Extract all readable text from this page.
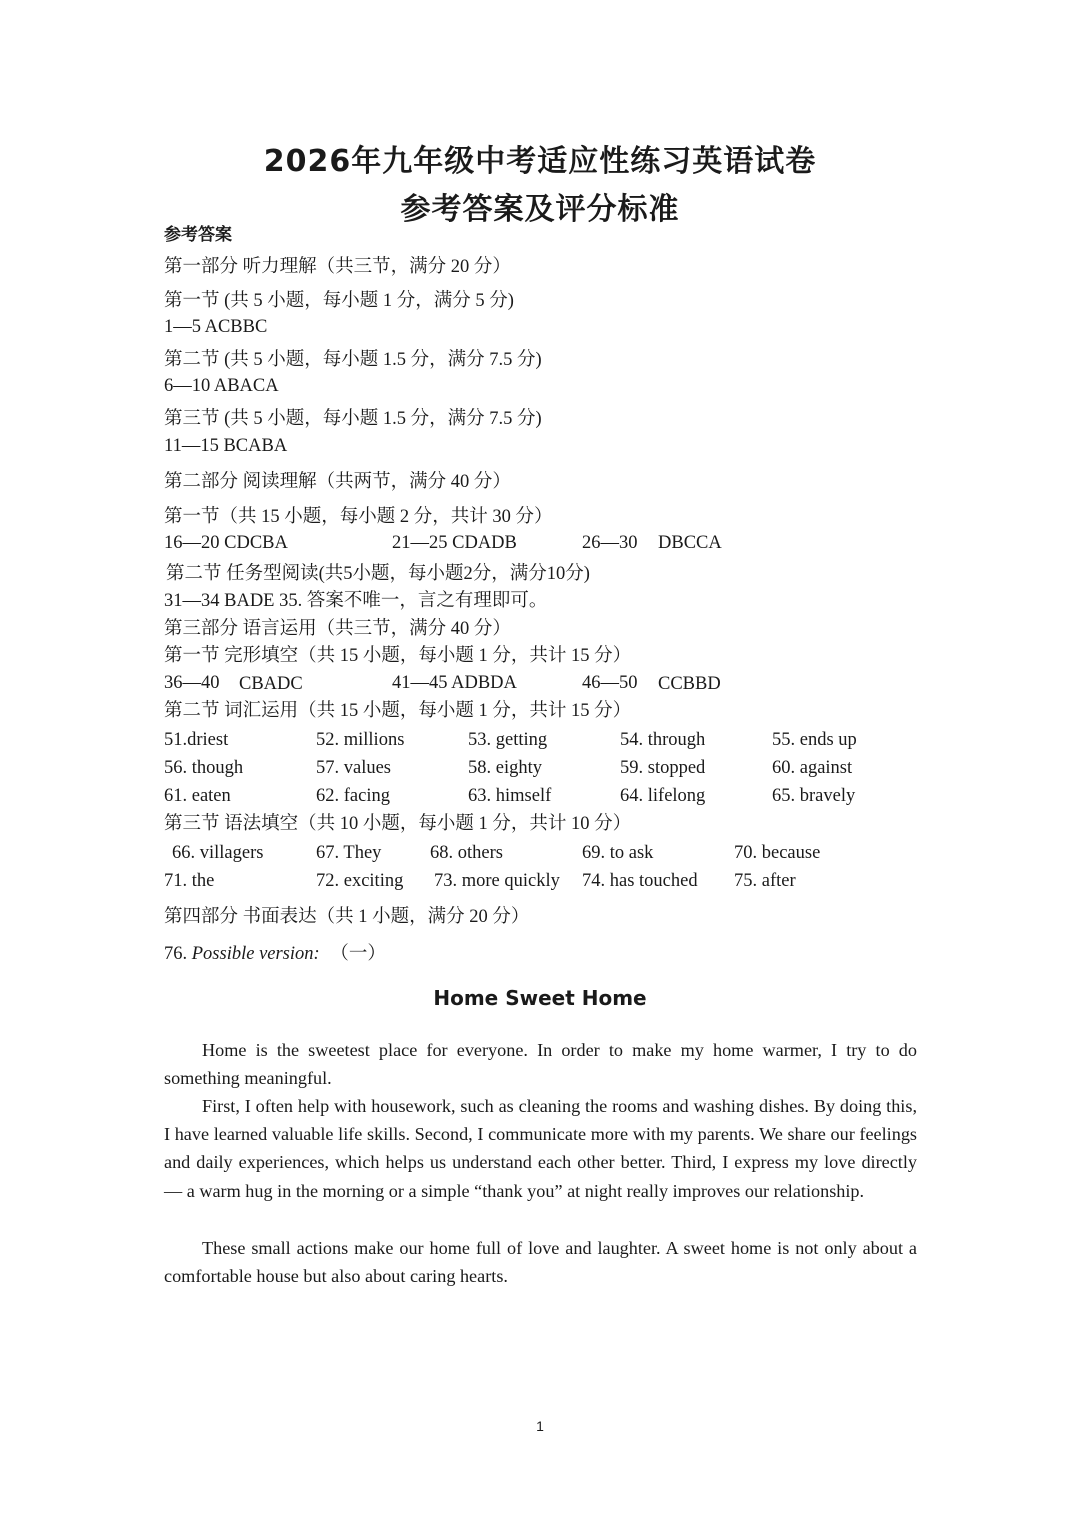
2026年九年级中考适应性练习英语试卷
参考答案及评分标准
参考答案
第一部分 听力理解（共三节，满分 20 分）
第一节 (共 5 小题，每小题 1 分，满分 5 分)
1—5 ACBBC
第二节 (共 5 小题，每小题 1.5 分，满分 7.5 分)
6—10 ABACA
第三节 (共 5 小题，每小题 1.5 分，满分 7.5 分)
11—15 BCABA
第二部分 阅读理解（共两节，满分 40 分）
第一节（共 15 小题，每小题 2 分，共计 30 分）
16—20 CDCBA	21—25 CDADB	26—30 DBCCA
第二节 任务型阅读(共5小题，每小题2分，满分10分)
31—34 BADE 35. 答案不唯一，言之有理即可。
第三部分 语言运用（共三节，满分 40 分）
第一节 完形填空（共 15 小题，每小题 1 分，共计 15 分）
36—40 CBADC	41—45 ADBDA	46—50 CCBBD
第二节 词汇运用（共 15 小题，每小题 1 分，共计 15 分）
51.driest	52. millions	53. getting	54. through	55. ends up
56. though	57. values	58. eighty	59. stopped	60. against
61. eaten	62. facing	63. himself	64. lifelong	65. bravely
第三节 语法填空（共 10 小题，每小题 1 分，共计 10 分）
66. villagers	67. They	68. others	69. to ask	70. because
71. the	72. exciting 73. more quickly 74. has touched 75. after
第四部分 书面表达（共 1 小题，满分 20 分）
76. Possible version: （一）
Home Sweet Home
Home is the sweetest place for everyone. In order to make my home warmer, I try to do something meaningful.
First, I often help with housework, such as cleaning the rooms and washing dishes. By doing this, I have learned valuable life skills. Second, I communicate more with my parents. We share our feelings and daily experiences, which helps us understand each other better. Third, I express my love directly — a warm hug in the morning or a simple “thank you” at night really improves our relationship.
These small actions make our home full of love and laughter. A sweet home is not only about a comfortable house but also about caring hearts.
1
